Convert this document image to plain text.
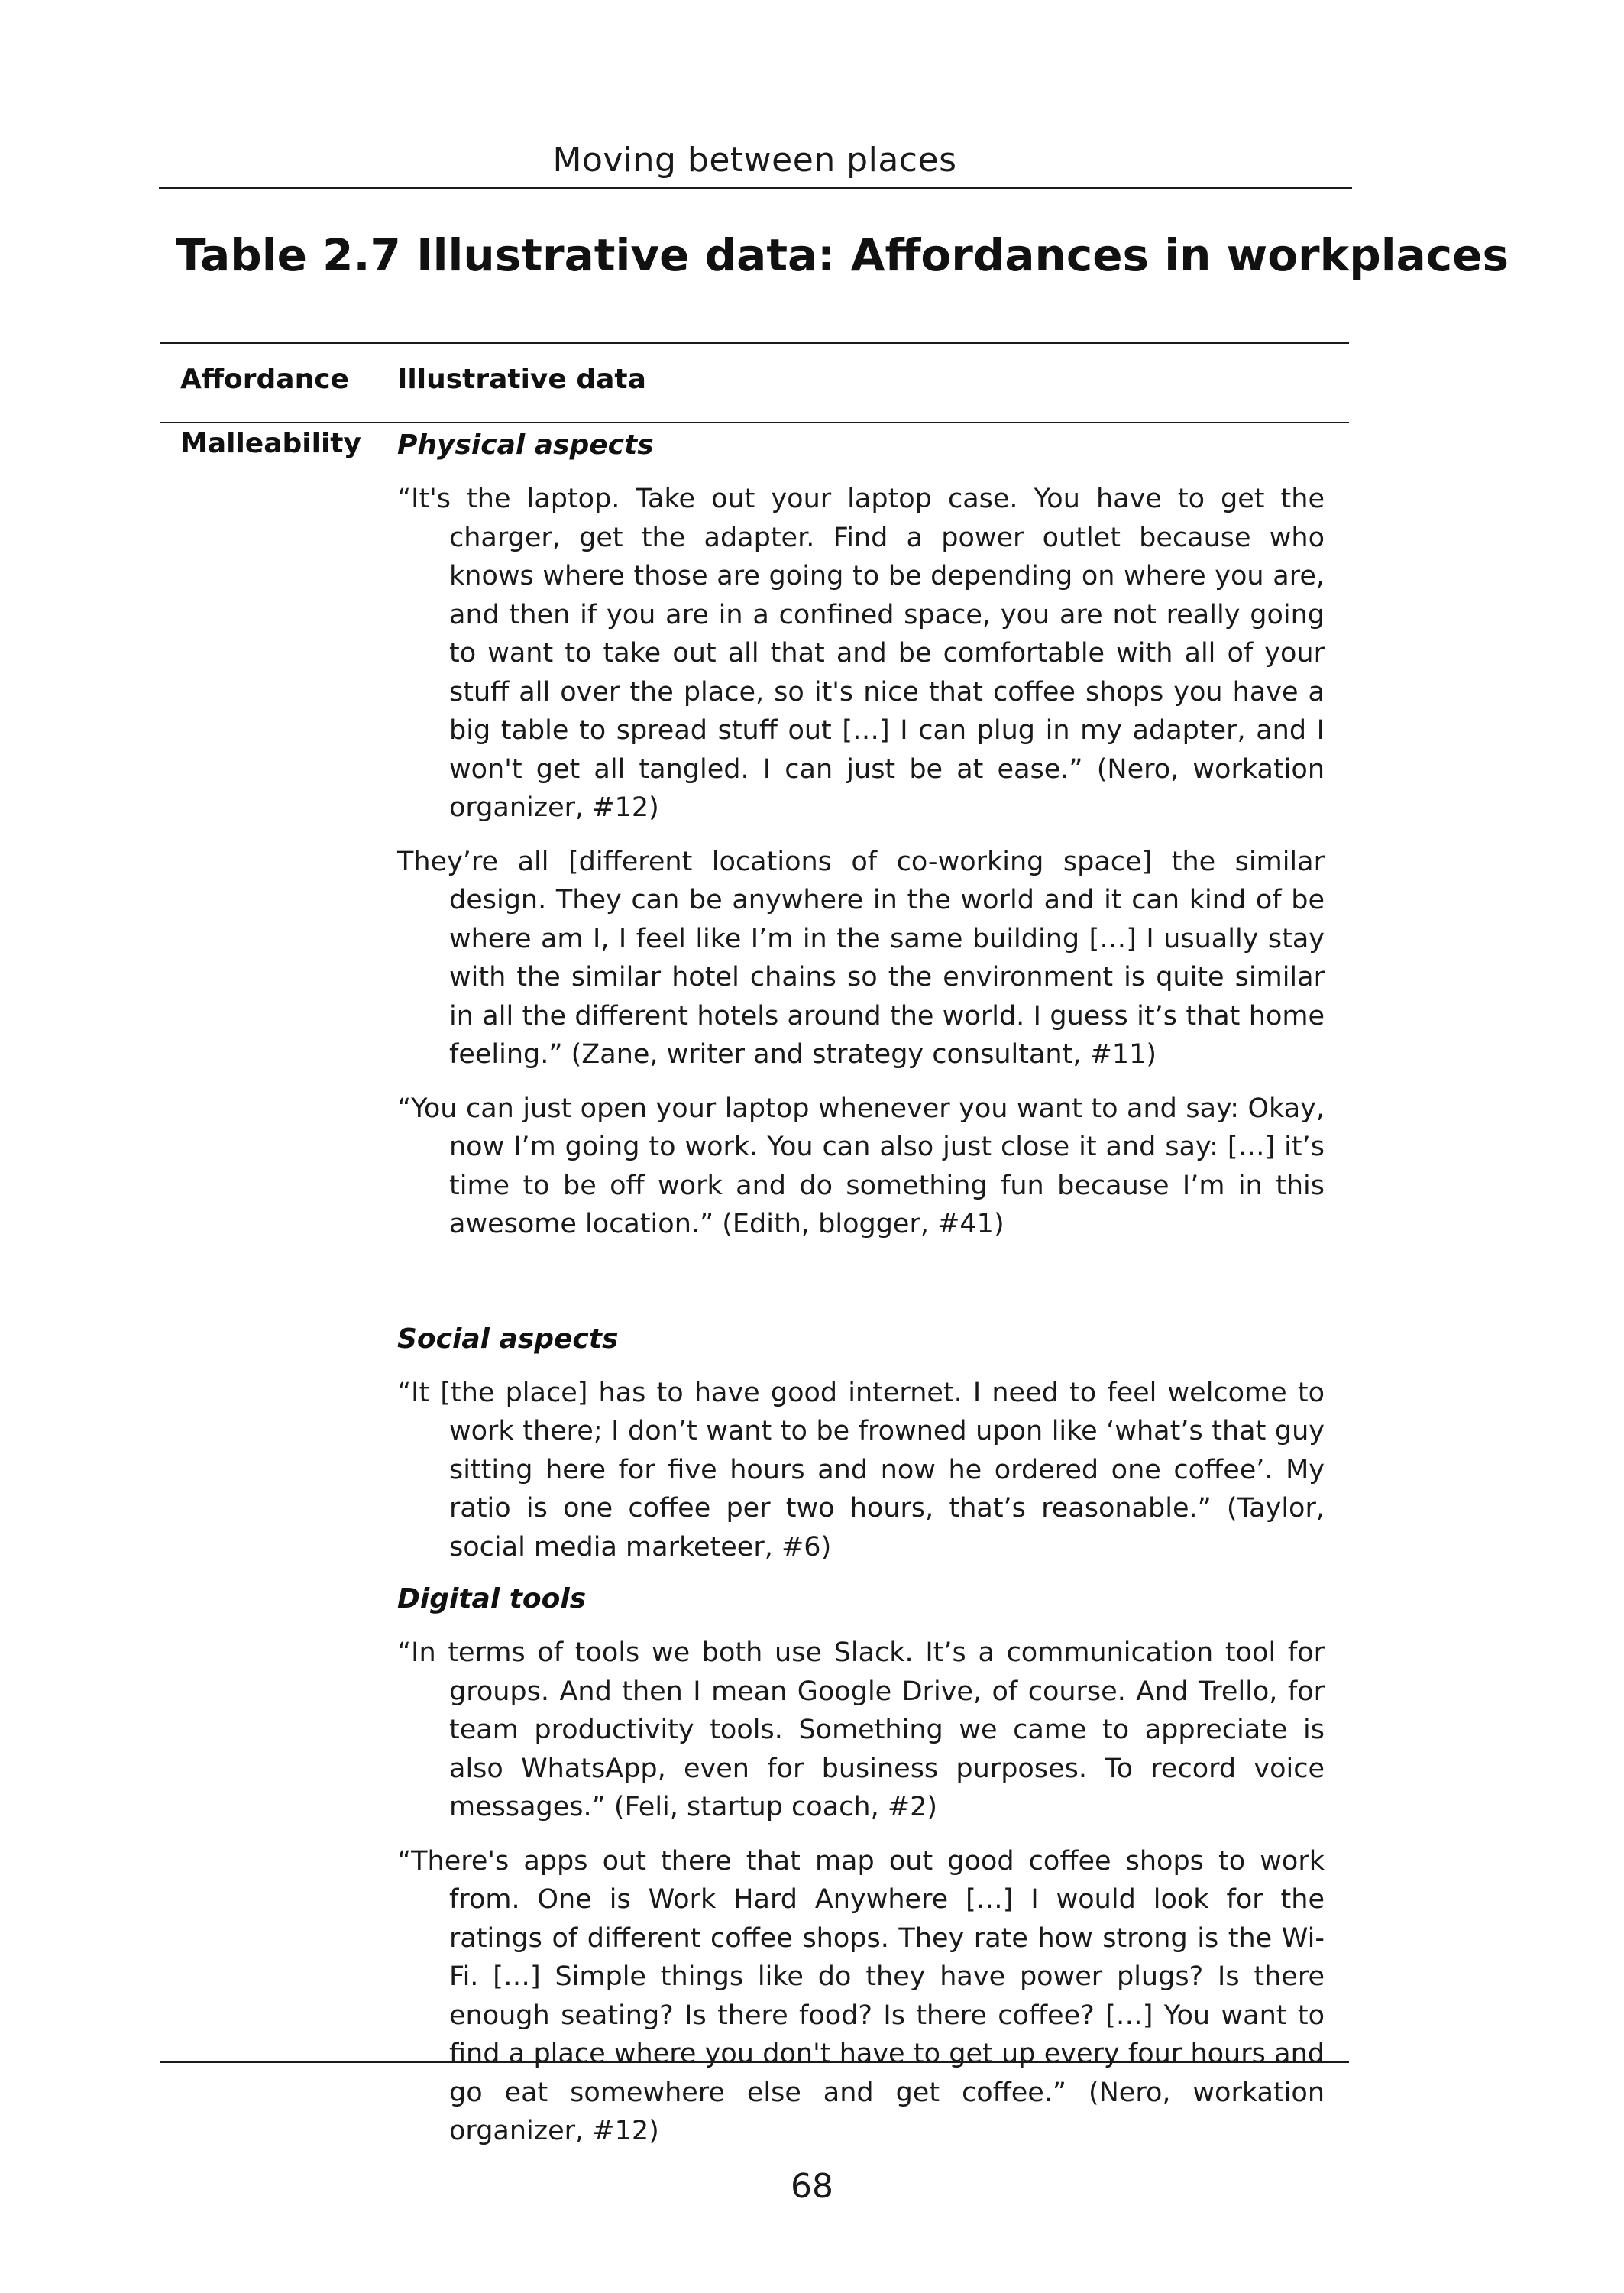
Moving between places
Table 2.7 Illustrative data: Affordances in workplaces
Affordance Illustrative data
Malleability Physical aspects

“It's the laptop. Take out your laptop case. You have to get the charger, get the adapter. Find a power outlet because who knows where those are going to be depending on where you are, and then if you are in a confined space, you are not really going to want to take out all that and be comfortable with all of your stuff all over the place, so it's nice that coffee shops you have a big table to spread stuff out […] I can plug in my adapter, and I won't get all tangled. I can just be at ease.” (Nero, workation organizer, #12)

They’re all [different locations of co-working space] the similar design. They can be anywhere in the world and it can kind of be where am I, I feel like I’m in the same building […] I usually stay with the similar hotel chains so the environment is quite similar in all the different hotels around the world. I guess it’s that home feeling.” (Zane, writer and strategy consultant, #11)

“You can just open your laptop whenever you want to and say: Okay, now I’m going to work. You can also just close it and say: […] it’s time to be off work and do something fun because I’m in this awesome location.” (Edith, blogger, #41)

Social aspects

“It [the place] has to have good internet. I need to feel welcome to work there; I don’t want to be frowned upon like ‘what’s that guy sitting here for five hours and now he ordered one coffee’. My ratio is one coffee per two hours, that’s reasonable.” (Taylor, social media marketeer, #6)

Digital tools

“In terms of tools we both use Slack. It’s a communication tool for groups. And then I mean Google Drive, of course. And Trello, for team productivity tools. Something we came to appreciate is also WhatsApp, even for business purposes. To record voice messages.” (Feli, startup coach, #2)

“There's apps out there that map out good coffee shops to work from. One is Work Hard Anywhere […] I would look for the ratings of different coffee shops. They rate how strong is the Wi-Fi. […] Simple things like do they have power plugs? Is there enough seating? Is there food? Is there coffee? […] You want to find a place where you don't have to get up every four hours and go eat somewhere else and get coffee.” (Nero, workation organizer, #12)

68
